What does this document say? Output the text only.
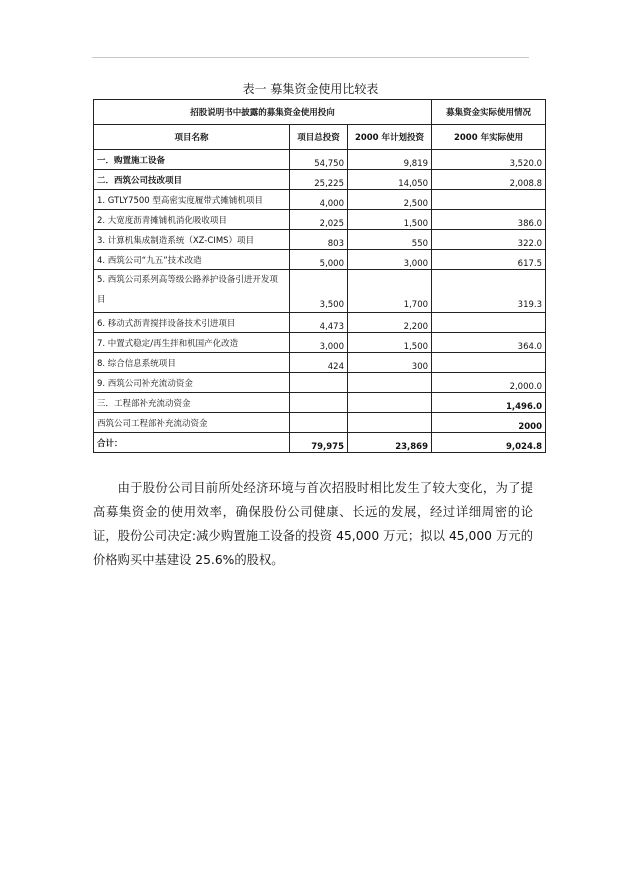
表一 募集资金使用比较表
招股说明书中披露的募集资金使用投向			募集资金实际使用情况
项目名称	项目总投资	2000 年计划投资	2000 年实际使用
一．购置施工设备	54,750	9,819	3,520.0
二．西筑公司技改项目	25,225	14,050	2,008.8
1. GTLY7500 型高密实度履带式摊铺机项目	4,000	2,500	
2. 大宽度沥青摊铺机消化吸收项目	2,025	1,500	386.0
3. 计算机集成制造系统（XZ-CIMS）项目	803	550	322.0
4. 西筑公司“九五”技术改造	5,000	3,000	617.5
5. 西筑公司系列高等级公路养护设备引进开发项目	3,500	1,700	319.3
6. 移动式沥青搅拌设备技术引进项目	4,473	2,200	
7. 中置式稳定/再生拌和机国产化改造	3,000	1,500	364.0
8. 综合信息系统项目	424	300	
9. 西筑公司补充流动资金			2,000.0
三．工程部补充流动资金			1,496.0
西筑公司工程部补充流动资金			2000
合计：	79,975	23,869	9,024.8

由于股份公司目前所处经济环境与首次招股时相比发生了较大变化，为了提高募集资金的使用效率，确保股份公司健康、长远的发展，经过详细周密的论证，股份公司决定:减少购置施工设备的投资 45,000 万元；拟以 45,000 万元的价格购买中基建设 25.6%的股权。
